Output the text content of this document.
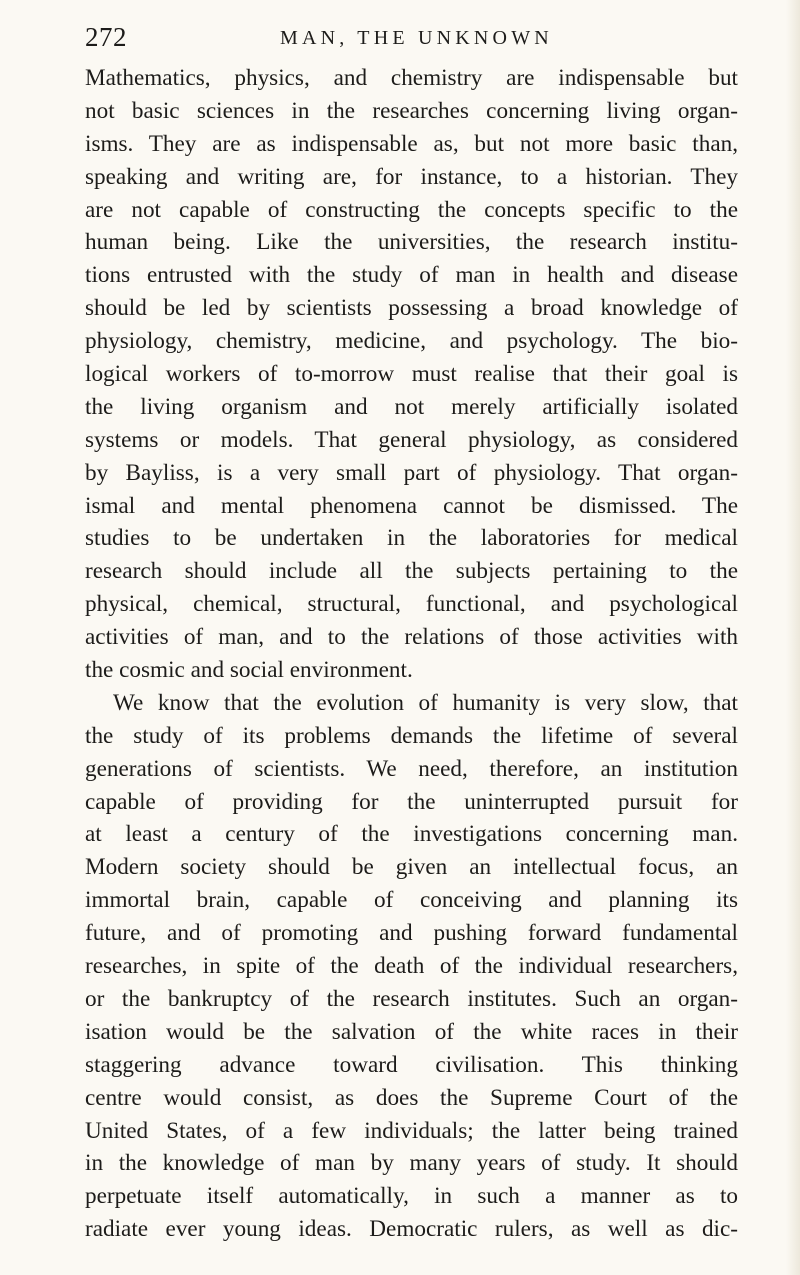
272	MAN, THE UNKNOWN
Mathematics, physics, and chemistry are indispensable but
not basic sciences in the researches concerning living organ-
isms. They are as indispensable as, but not more basic than,
speaking and writing are, for instance, to a historian. They
are not capable of constructing the concepts specific to the
human being. Like the universities, the research institu-
tions entrusted with the study of man in health and disease
should be led by scientists possessing a broad knowledge of
physiology, chemistry, medicine, and psychology. The bio-
logical workers of to-morrow must realise that their goal is
the living organism and not merely artificially isolated
systems or models. That general physiology, as considered
by Bayliss, is a very small part of physiology. That organ-
ismal and mental phenomena cannot be dismissed. The
studies to be undertaken in the laboratories for medical
research should include all the subjects pertaining to the
physical, chemical, structural, functional, and psychological
activities of man, and to the relations of those activities with
the cosmic and social environment.
We know that the evolution of humanity is very slow, that
the study of its problems demands the lifetime of several
generations of scientists. We need, therefore, an institution
capable of providing for the uninterrupted pursuit for
at least a century of the investigations concerning man.
Modern society should be given an intellectual focus, an
immortal brain, capable of conceiving and planning its
future, and of promoting and pushing forward fundamental
researches, in spite of the death of the individual researchers,
or the bankruptcy of the research institutes. Such an organ-
isation would be the salvation of the white races in their
staggering advance toward civilisation. This thinking
centre would consist, as does the Supreme Court of the
United States, of a few individuals; the latter being trained
in the knowledge of man by many years of study. It should
perpetuate itself automatically, in such a manner as to
radiate ever young ideas. Democratic rulers, as well as dic-
